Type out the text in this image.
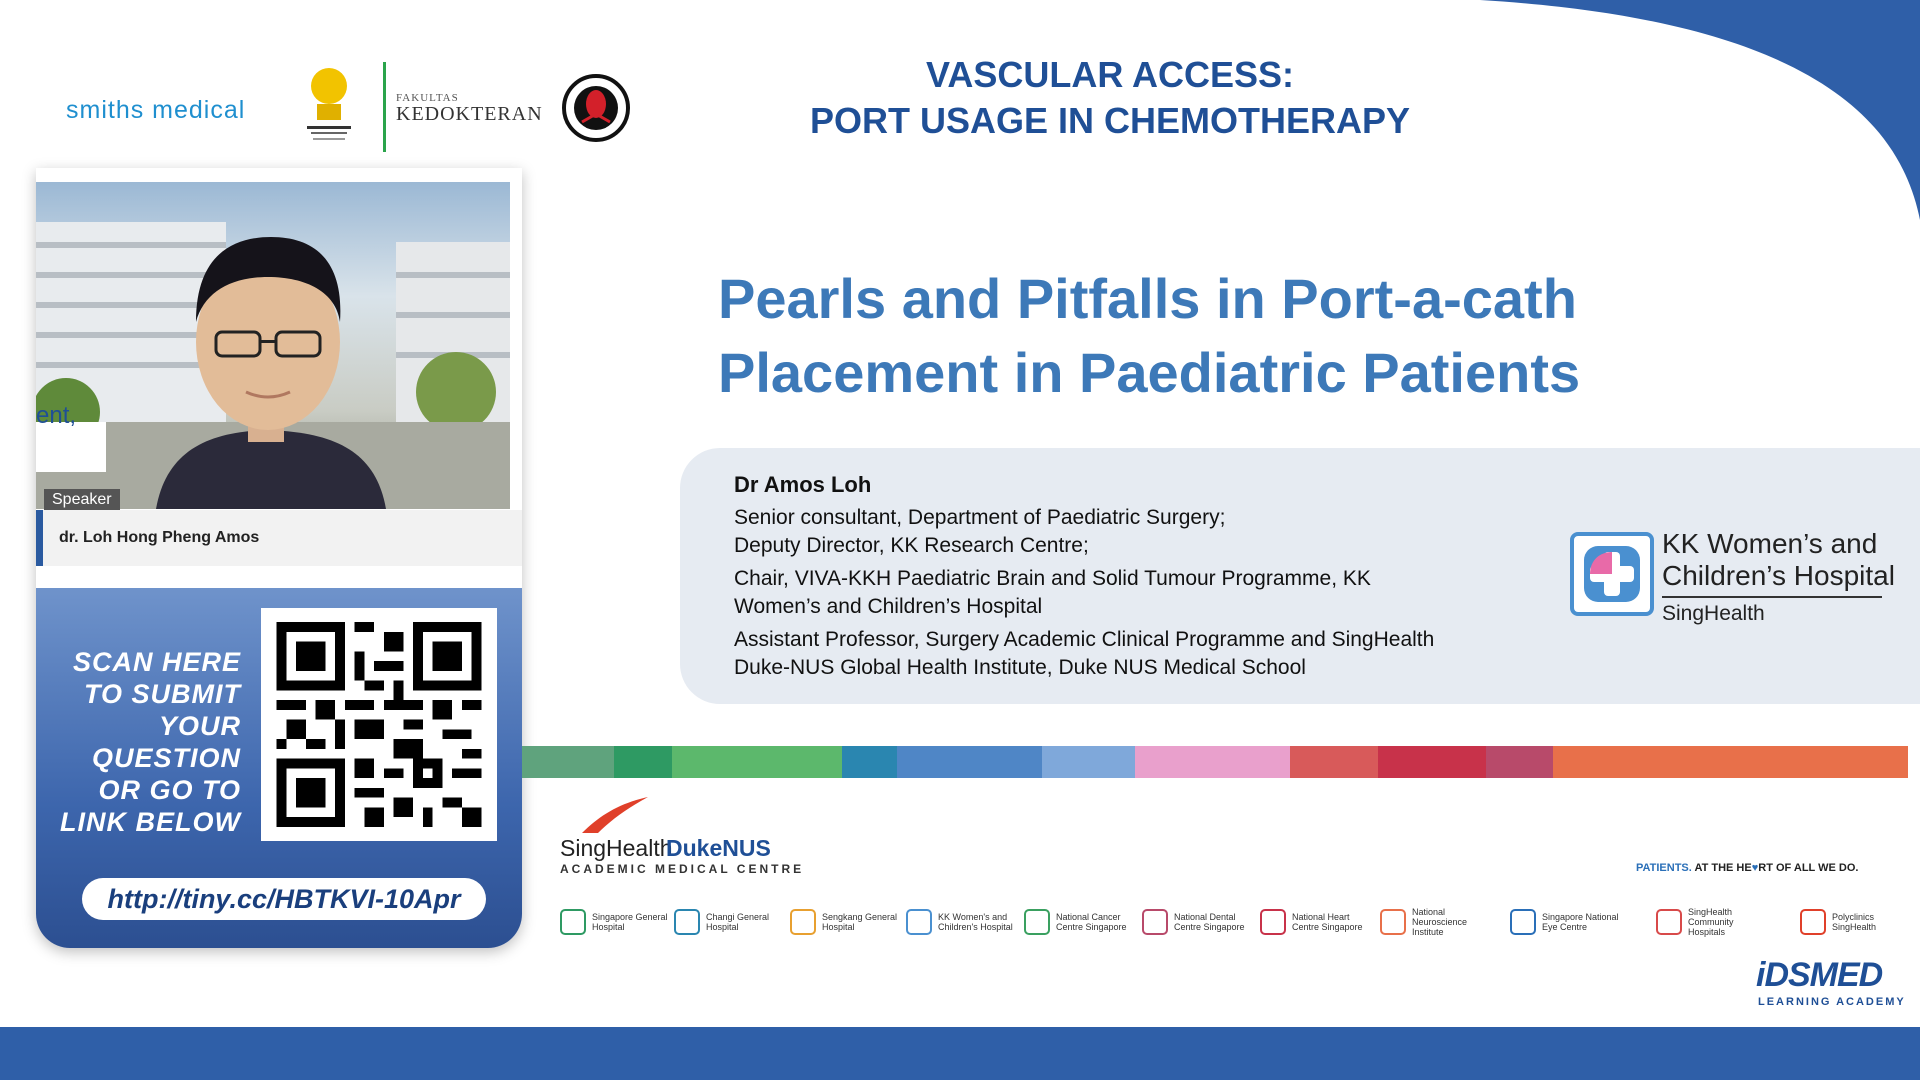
smiths medical	FAKULTAS
KEDOKTERAN
VASCULAR ACCESS:
PORT USAGE IN CHEMOTHERAPY
ent,
Speaker
dr. Loh Hong Pheng Amos
SCAN HERE
TO SUBMIT
YOUR
QUESTION
OR GO TO
LINK BELOW
http://tiny.cc/HBTKVI-10Apr
Pearls and Pitfalls in Port-a-cath
Placement in Paediatric Patients
Dr Amos Loh
Senior consultant, Department of Paediatric Surgery;
Deputy Director, KK Research Centre;
Chair, VIVA-KKH Paediatric Brain and Solid Tumour Programme, KK
Women’s and Children’s Hospital
Assistant Professor, Surgery Academic Clinical Programme and SingHealth
Duke-NUS Global Health Institute, Duke NUS Medical School
KK Women’s and
Children’s Hospital
SingHealth
SingHealth
DukeNUS
ACADEMIC MEDICAL CENTRE	PATIENTS. AT THE HE♥RT OF ALL WE DO.
Singapore General Hospital
Changi General Hospital
Sengkang General Hospital
KK Women's and Children's Hospital
National Cancer Centre Singapore
National Dental Centre Singapore
National Heart Centre Singapore
National Neuroscience Institute
Singapore National Eye Centre
SingHealth Community Hospitals
Polyclinics SingHealth
iDSMED
LEARNING ACADEMY
